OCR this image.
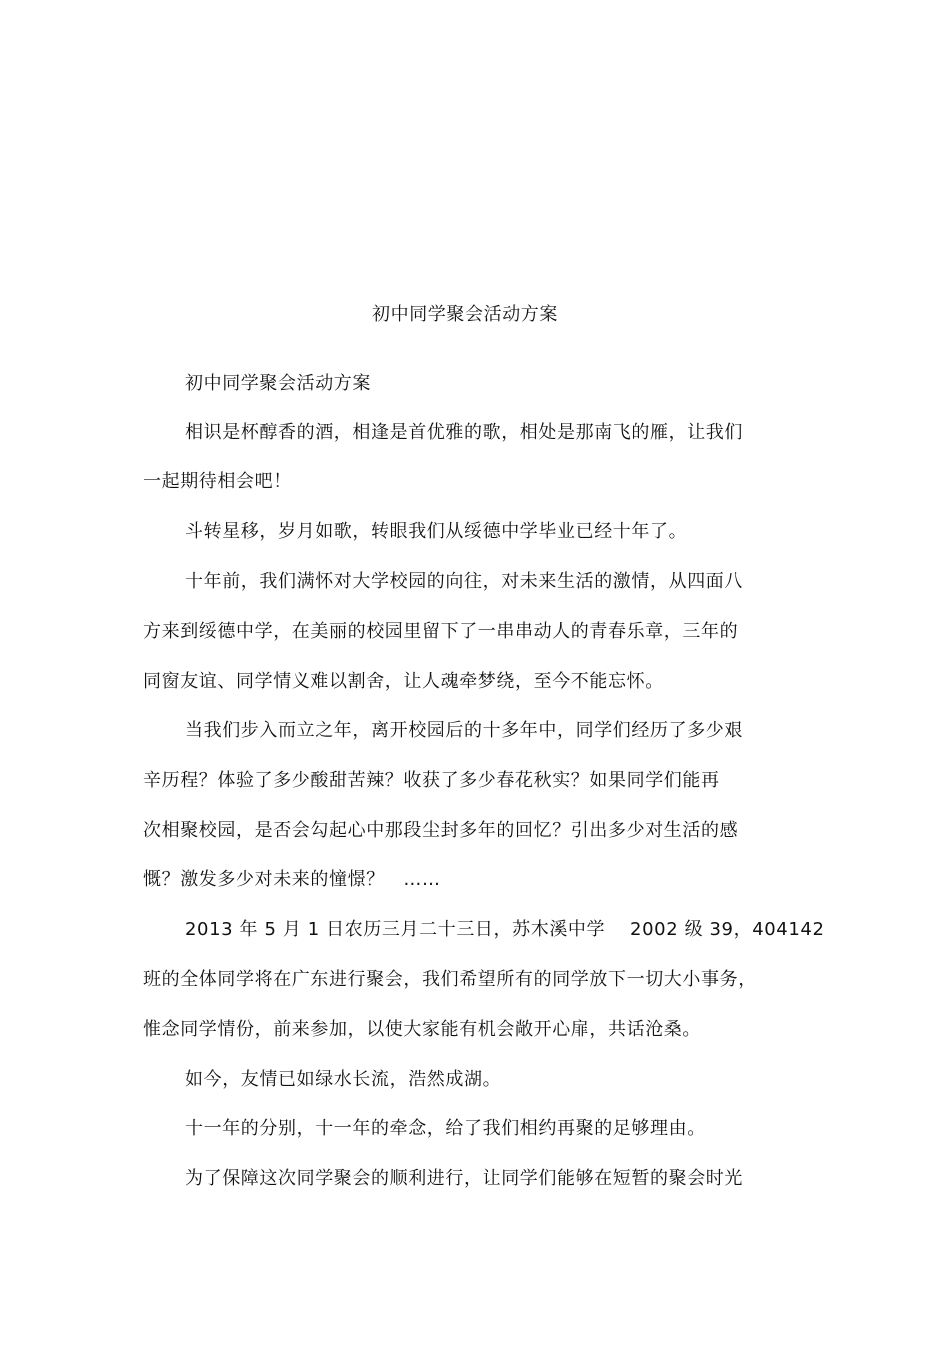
初中同学聚会活动方案
初中同学聚会活动方案
相识是杯醇香的酒，相逢是首优雅的歌，相处是那南飞的雁，让我们
一起期待相会吧！
斗转星移，岁月如歌，转眼我们从绥德中学毕业已经十年了。
十年前，我们满怀对大学校园的向往，对未来生活的激情，从四面八
方来到绥德中学，在美丽的校园里留下了一串串动人的青春乐章，三年的
同窗友谊、同学情义难以割舍，让人魂牵梦绕，至今不能忘怀。
当我们步入而立之年，离开校园后的十多年中，同学们经历了多少艰
辛历程？体验了多少酸甜苦辣？收获了多少春花秋实？如果同学们能再
次相聚校园，是否会勾起心中那段尘封多年的回忆？引出多少对生活的感
慨？激发多少对未来的憧憬？　……
2013 年 5 月 1 日农历三月二十三日，苏木溪中学　 2002 级 39，404142
班的全体同学将在广东进行聚会，我们希望所有的同学放下一切大小事务，
惟念同学情份，前来参加，以使大家能有机会敞开心扉，共话沧桑。
如今，友情已如绿水长流，浩然成湖。
十一年的分别，十一年的牵念，给了我们相约再聚的足够理由。
为了保障这次同学聚会的顺利进行，让同学们能够在短暂的聚会时光
